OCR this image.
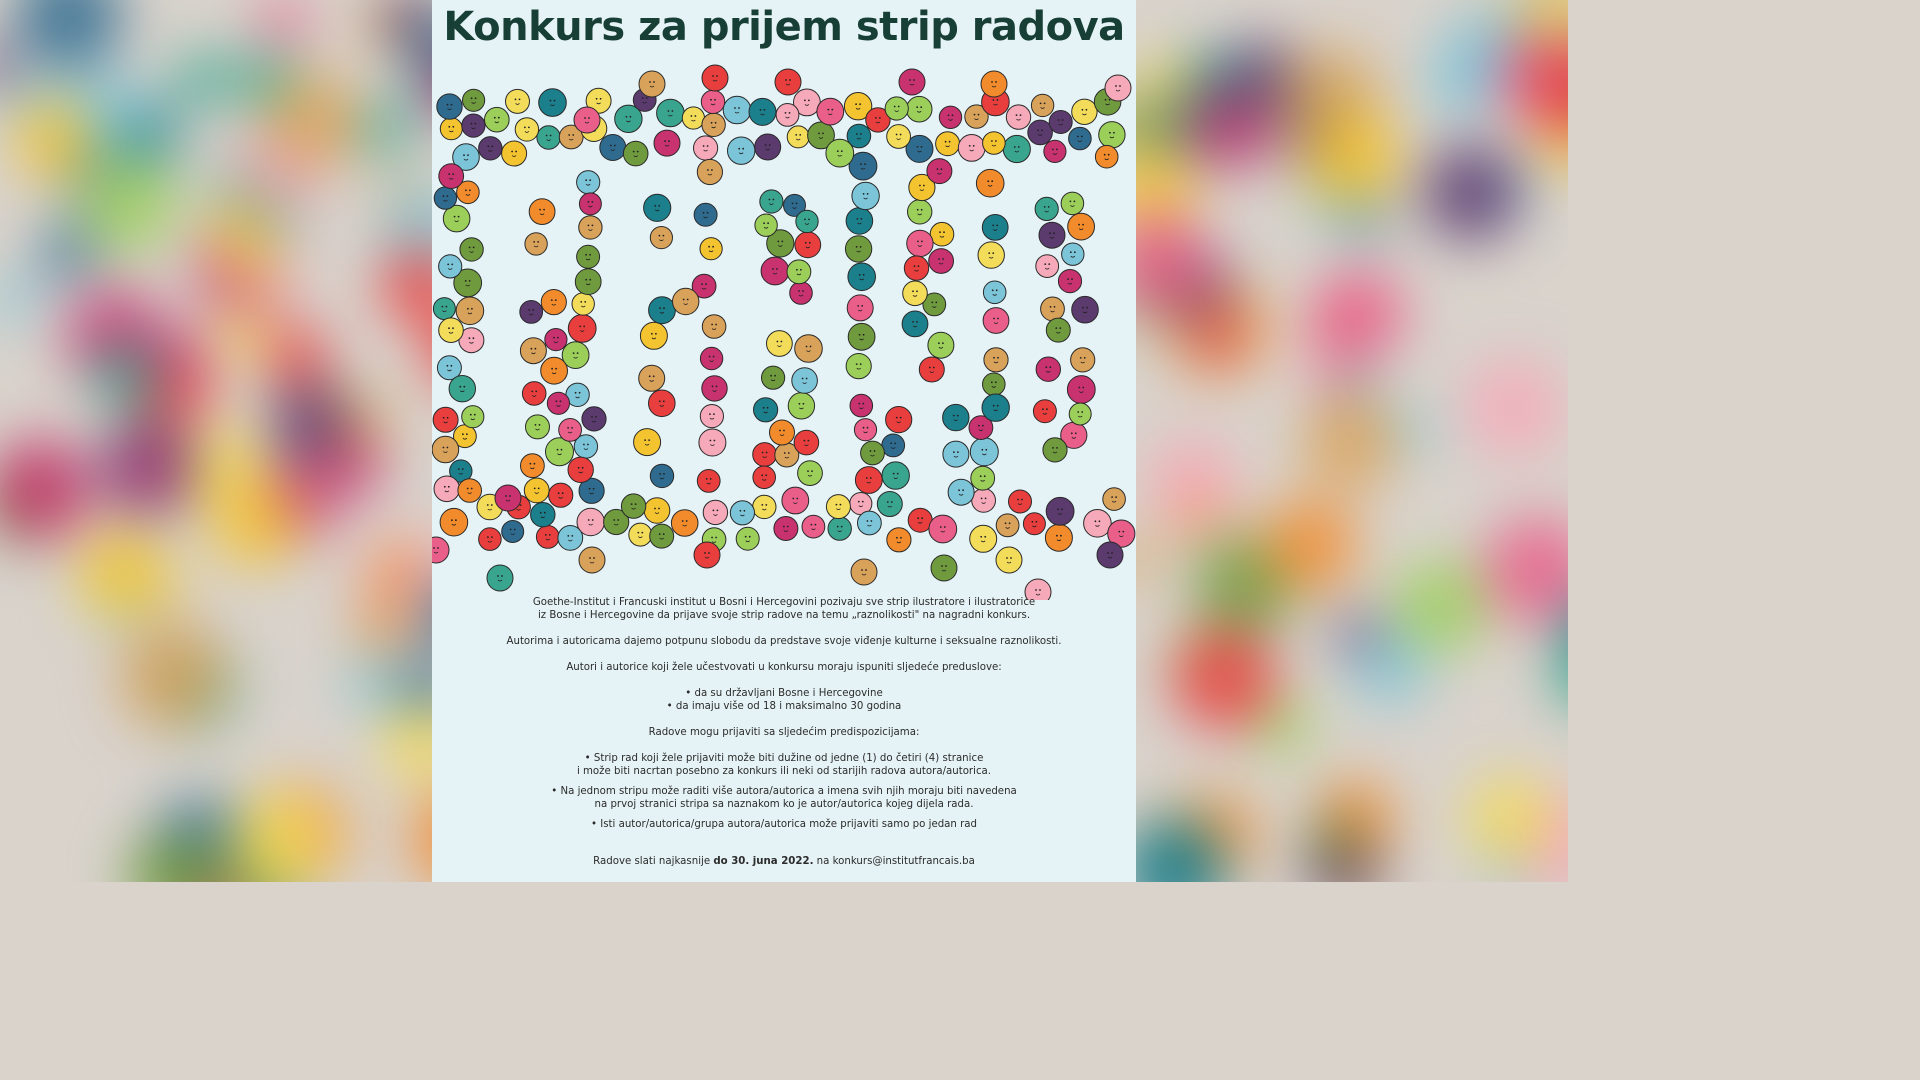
Konkurs za prijem strip radova

Goethe-Institut i Francuski institut u Bosni i Hercegovini pozivaju sve strip ilustratore i ilustratorice

iz Bosne i Hercegovine da prijave svoje strip radove na temu „raznolikosti" na nagradni konkurs.

Autorima i autoricama dajemo potpunu slobodu da predstave svoje viđenje kulturne i seksualne raznolikosti.

Autori i autorice koji žele učestvovati u konkursu moraju ispuniti sljedeće preduslove:

• da su državljani Bosne i Hercegovine

• da imaju više od 18 i maksimalno 30 godina

Radove mogu prijaviti sa sljedećim predispozicijama:

• Strip rad koji žele prijaviti može biti dužine od jedne (1) do četiri (4) stranice

i može biti nacrtan posebno za konkurs ili neki od starijih radova autora/autorica.

• Na jednom stripu može raditi više autora/autorica a imena svih njih moraju biti navedena

na prvoj stranici stripa sa naznakom ko je autor/autorica kojeg dijela rada.

• Isti autor/autorica/grupa autora/autorica može prijaviti samo po jedan rad

Radove slati najkasnije do 30. juna 2022. na konkurs@institutfrancais.ba
